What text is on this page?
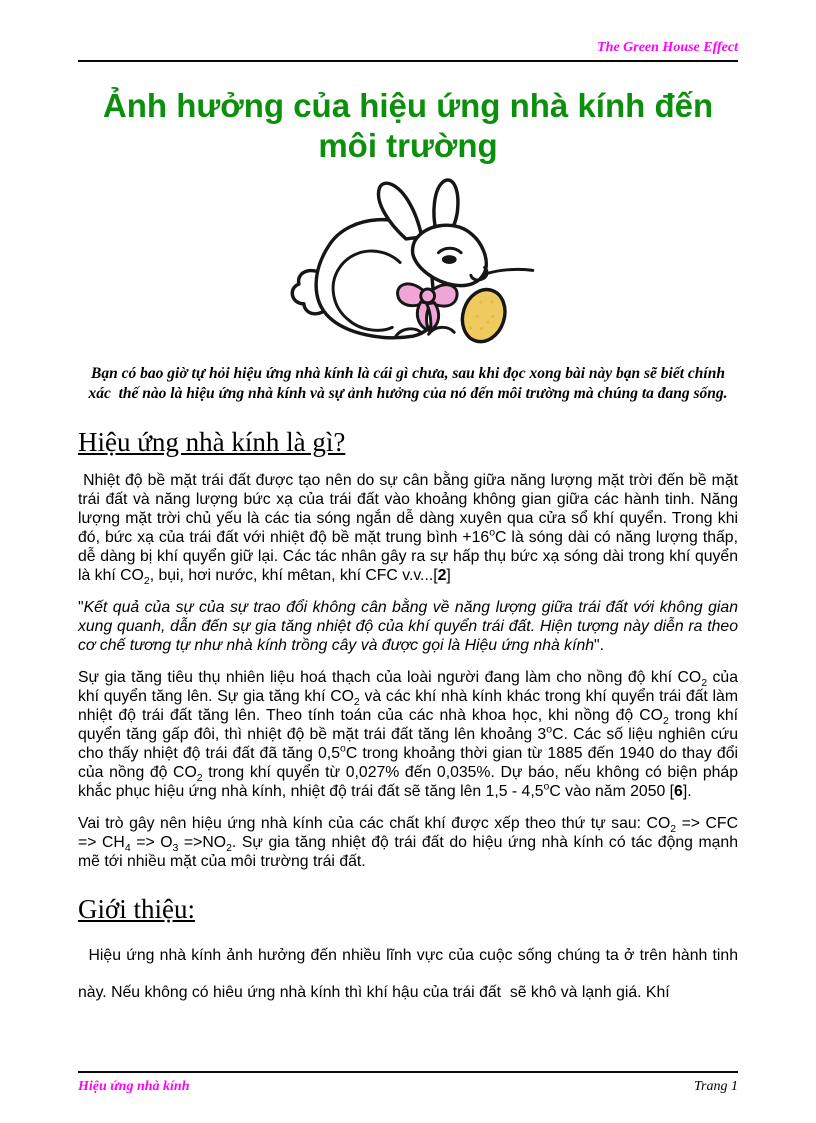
The Green House Effect
Ảnh hưởng của hiệu ứng nhà kính đến môi trường

Bạn có bao giờ tự hỏi hiệu ứng nhà kính là cái gì chưa, sau khi đọc xong bài này bạn sẽ biết chính xác  thế nào là hiệu ứng nhà kính và sự ảnh hưởng của nó đến môi trường mà chúng ta đang sống.

Hiệu ứng nhà kính là gì?

Nhiệt độ bề mặt trái đất được tạo nên do sự cân bằng giữa năng lượng mặt trời đến bề mặt trái đất và năng lượng bức xạ của trái đất vào khoảng không gian giữa các hành tinh. Năng lượng mặt trời chủ yếu là các tia sóng ngắn dễ dàng xuyên qua cửa sổ khí quyển. Trong khi đó, bức xạ của trái đất với nhiệt độ bề mặt trung bình $+16^oC$ là sóng dài có năng lượng thấp, dễ dàng bị khí quyển giữ lại. Các tác nhân gây ra sự hấp thụ bức xạ sóng dài trong khí quyển là khí $CO_2$, bụi, hơi nước, khí mêtan, khí CFC v.v...[2]

"Kết quả của sự của sự trao đổi không cân bằng về năng lượng giữa trái đất với không gian xung quanh, dẫn đến sự gia tăng nhiệt độ của khí quyển trái đất. Hiện tượng này diễn ra theo cơ chế tương tự như nhà kính trồng cây và được gọi là Hiệu ứng nhà kính".

Sự gia tăng tiêu thụ nhiên liệu hoá thạch của loài người đang làm cho nồng độ khí $CO_2$ của khí quyển tăng lên. Sự gia tăng khí $CO_2$ và các khí nhà kính khác trong khí quyển trái đất làm nhiệt độ trái đất tăng lên. Theo tính toán của các nhà khoa học, khi nồng độ $CO_2$ trong khí quyển tăng gấp đôi, thì nhiệt độ bề mặt trái đất tăng lên khoảng 3$^o$C. Các số liệu nghiên cứu cho thấy nhiệt độ trái đất đã tăng 0,5$^o$C trong khoảng thời gian từ 1885 đến 1940 do thay đổi của nồng độ $CO_2$ trong khí quyển từ 0,027% đến 0,035%. Dự báo, nếu không có biện pháp khắc phục hiệu ứng nhà kính, nhiệt độ trái đất sẽ tăng lên 1,5 - 4,5$^o$C vào năm 2050 [6].

Vai trò gây nên hiệu ứng nhà kính của các chất khí được xếp theo thứ tự sau: $CO_2$ => CFC => $CH_4 => O_3 =>NO_2$. Sự gia tăng nhiệt độ trái đất do hiệu ứng nhà kính có tác động mạnh mẽ tới nhiều mặt của môi trường trái đất.

Giới thiệu:

Hiệu ứng nhà kính ảnh hưởng đến nhiều lĩnh vực của cuộc sống chúng ta ở trên hành tinh này. Nếu không có hiêu ứng nhà kính thì khí hậu của trái đất  sẽ khô và lạnh giá. Khí

Hiệu ứng nhà kính	Trang 1
